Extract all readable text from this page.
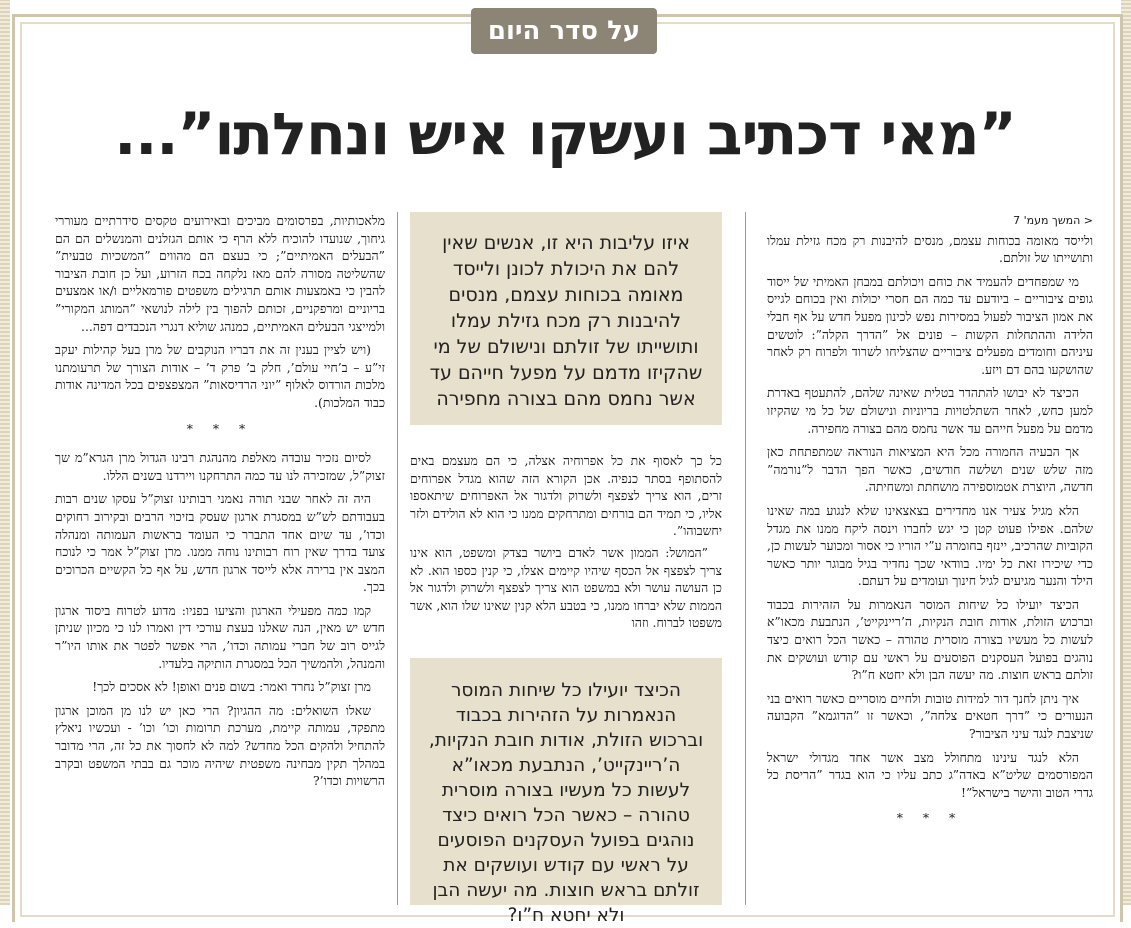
על סדר היום
”מאי דכתיב ועשקו איש ונחלתו”...
< המשך מעמ' 7

ולייסד מאומה בכוחות עצמם, מנסים להיבנות רק מכח גזילת עמלו ותושייתו של זולתם.

מי שמפחדים להעמיד את כוחם ויכולתם במבחן האמיתי של ייסוד גופים ציבוריים – ביודעם עד כמה הם חסרי יכולות ואין בכוחם לגייס את אמון הציבור לפעול במסירות נפש לכינון מפעל חדש על אף חבלי הלידה וההתחלות הקשות – פונים אל ”הדרך הקלה”: לוטשים עיניהם וחומדים מפעלים ציבוריים שהצליחו לשרוד ולפרוח רק לאחר שהושקעו בהם דם ויזע.

הכיצד לא יבושו להתהדר בטלית שאינה שלהם, להתעטף באדרת למען כחש, לאחר השתלטויות בריוניות ונישולם של כל מי שהקיזו מדמם על מפעל חייהם עד אשר נחמס מהם בצורה מחפירה.

אך הבעיה החמורה מכל היא המציאות הנוראה שמתפתחת כאן מזה שלש שנים ושלשה חודשים, כאשר הפך הדבר ל”נורמה” חדשה, היוצרת אטמוספירה מושחתת ומשחיתה.

הלא מגיל צעיר אנו מחדירים בצאצאינו שלא לנגוע במה שאינו שלהם. אפילו פעוט קטן כי יגש לחברו וינסה ליקח ממנו את מגדל הקוביות שהרכיב, יינזף בחומרה ע”י הוריו כי אסור ומכוער לעשות כן, כדי שיכירו זאת כל ימיו. בוודאי שכך נחדיר בגיל מבוגר יותר כאשר הילד והנער מגיעים לגיל חינוך ועומדים על דעתם.

הכיצד יועילו כל שיחות המוסר הנאמרות על הזהירות בכבוד וברכוש הזולת, אודות חובת הנקיות, ה’ריינקייט’, הנתבעת מכאו”א לעשות כל מעשיו בצורה מוסרית טהורה – כאשר הכל רואים כיצד נוהגים בפועל העסקנים הפוסעים על ראשי עם קודש ועושקים את זולתם בראש חוצות. מה יעשה הבן ולא יחטא ח”ו?

איך ניתן לחנך דור למידות טובות ולחיים מוסריים כאשר רואים בני הנעורים כי ”דרך חטאים צלחה”, וכאשר זו ”הדוגמא” הקבועה שניצבת לנגד עיני הציבור?

הלא לנגד עינינו מתחולל מצב אשר אחד מגדולי ישראל המפורסמים שליט”א באדה”ג כתב עליו כי הוא בגדר ”הריסת כל גדרי הטוב והישר בישראל”!

* * *
איזו עליבות היא זו, אנשים שאין להם את היכולת לכונן ולייסד מאומה בכוחות עצמם, מנסים להיבנות רק מכח גזילת עמלו ותושייתו של זולתם ונישולם של מי שהקיזו מדמם על מפעל חייהם עד אשר נחמס מהם בצורה מחפירה

כל כך לאסוף את כל אפרוחיה אצלה, כי הם מעצמם באים להסתופף בסתר כנפיה. אכן הקורא הזה שהוא מגדל אפרוחים זרים, הוא צריך לצפצף ולשרוק ולדגור אל האפרוחים שיתאספו אליו, כי תמיד הם בורחים ומתרחקים ממנו כי הוא לא הולידם ולזר יחשבוהו”.

”המושל: הממון אשר לאדם ביושר בצדק ומשפט, הוא אינו צריך לצפצף אל הכסף שיהיו קיימים אצלו, כי קנין כספו הוא. לא כן העושה עושר ולא במשפט הוא צריך לצפצף ולשרוק ולדגור אל הממות שלא יברחו ממנו, כי בטבע הלא קנין שאינו שלו הוא, אשר משפטו לברוח. וזהו

הכיצד יועילו כל שיחות המוסר הנאמרות על הזהירות בכבוד וברכוש הזולת, אודות חובת הנקיות, ה’ריינקייט’, הנתבעת מכאו”א לעשות כל מעשיו בצורה מוסרית טהורה – כאשר הכל רואים כיצד נוהגים בפועל העסקנים הפוסעים על ראשי עם קודש ועושקים את זולתם בראש חוצות. מה יעשה הבן ולא יחטא ח”ו?

מלאכותיות, בפרסומים מביכים ובאירועים טקסים סידרתיים מעוררי גיחוך, שנועדו להוכיח ללא הרף כי אותם הגזלנים והמנשלים הם הם ”הבעלים האמיתיים”; כי בעצם הם מהווים ”המשכיות טבעית” שהשליטה מסורה להם מאז נלקחה בכח הזרוע, ועל כן חובת הציבור להבין כי באמצעות אותם תרגילים משפטים פורמאליים ו/או אמצעים בריוניים ומרפקניים, זכותם להפוך בין לילה לנושאי ”המותג המקורי” ולמייצגי הבעלים האמיתיים, כמנהג שוליא דנגרי הנכבדים דפה...

(ויש לציין בענין זה את דבריו הנוקבים של מרן בעל קהילות יעקב זי”ע – ב’חיי עולם’, חלק ב’ פרק ד’ – אודות הצורך של תרעומתנו מלכות הורדוס לאלוף ”יוני הרדיסאות” המצפצפים בכל המדינה אודות כבוד המלכות).

* * *

לסיום נזכיר עובדה מאלפת מהנהגת רבינו הגדול מרן הגרא”מ שך זצוק”ל, שמזכירה לנו עד כמה התרחקנו ויירדנו בשנים הללו.

היה זה לאחר שבני תורה נאמני רבותינו זצוק”ל עסקו שנים רבות בעבודתם לש”ש במסגרת ארגון שעסק בזיכוי הרבים ובקירוב רחוקים וכדו’, עד שיום אחד התברר כי העומד בראשות העמותה ומנהלה צועד בדרך שאין רוח רבותינו נוחה ממנו. מרן זצוק”ל אמר כי לנוכח המצב אין ברירה אלא לייסד ארגון חדש, על אף כל הקשיים הכרוכים בכך.

קמו כמה מפעילי הארגון והציעו בפניו: מדוע לטרוח ביסוד ארגון חדש יש מאין, הנה שאלנו בעצת עורכי דין ואמרו לנו כי מכיון שניתן לגייס רוב של חברי עמותה וכדו’, הרי אפשר לפטר את אותו היו”ר והמנהל, ולהמשיך הכל במסגרת הותיקה בלעדיו.

מרן זצוק”ל נחרד ואמר: בשום פנים ואופן! לא אסכים לכך!

שאלו השואלים: מה ההגיון? הרי כאן יש לנו מן המוכן ארגון מתפקד, עמותה קיימת, מערכת תרומות וכו’ וכו’ - ועכשיו ניאלץ להתחיל ולהקים הכל מחדש? למה לא לחסוך את כל זה, הרי מדובר במהלך תקין מבחינה משפטית שיהיה מוכר גם בבתי המשפט ובקרב הרשויות וכדו’?
